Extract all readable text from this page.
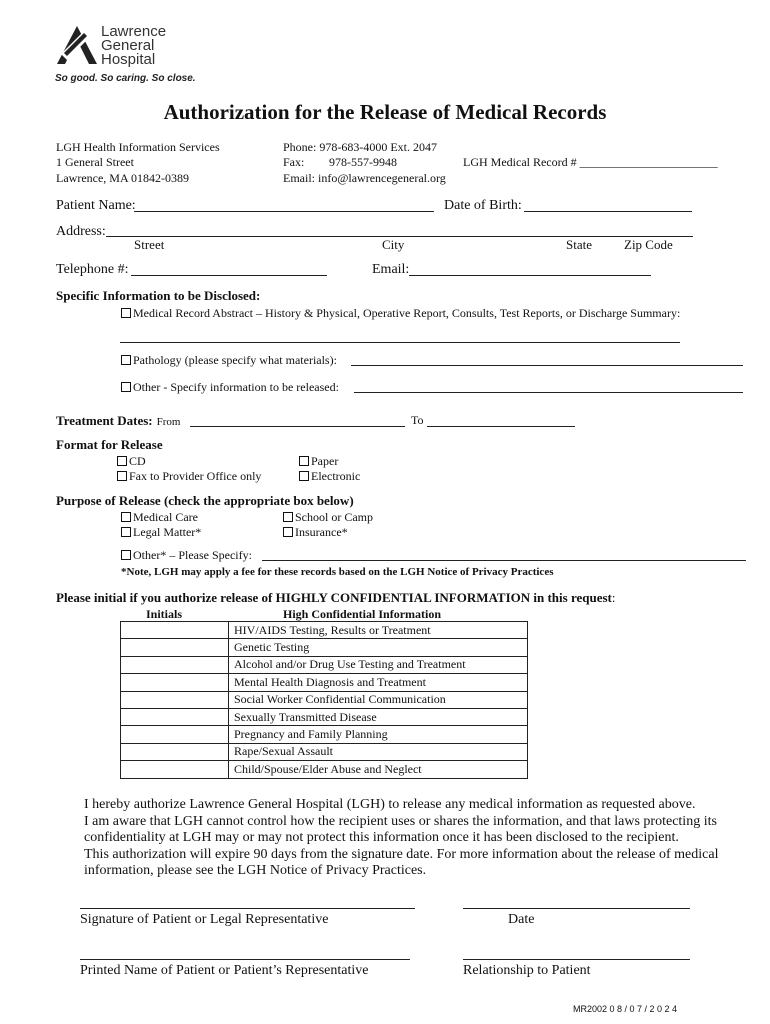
Lawrence
General
Hospital
So good. So caring. So close.
Authorization for the Release of Medical Records
LGH Health Information Services
1 General Street
Lawrence, MA 01842-0389
Phone: 978-683-4000 Ext. 2047
Fax: 978-557-9948
Email: info@lawrencegeneral.org
LGH Medical Record # _______________________
Patient Name:	Date of Birth:
Address:
Street	City	State Zip Code
Telephone #:	Email:
Specific Information to be Disclosed:
Medical Record Abstract – History & Physical, Operative Report, Consults, Test Reports, or Discharge Summary:
Pathology (please specify what materials):
Other - Specify information to be released:
Treatment Dates: From	To
Format for Release
CD
Fax to Provider Office only
Paper
Electronic
Purpose of Release (check the appropriate box below)
Medical Care
Legal Matter*
School or Camp
Insurance*
Other* – Please Specify:
*Note, LGH may apply a fee for these records based on the LGH Notice of Privacy Practices
Please initial if you authorize release of HIGHLY CONFIDENTIAL INFORMATION in this request:
Initials	High Confidential Information
	HIV/AIDS Testing, Results or Treatment
	Genetic Testing
	Alcohol and/or Drug Use Testing and Treatment
	Mental Health Diagnosis and Treatment
	Social Worker Confidential Communication
	Sexually Transmitted Disease
	Pregnancy and Family Planning
	Rape/Sexual Assault
	Child/Spouse/Elder Abuse and Neglect
I hereby authorize Lawrence General Hospital (LGH) to release any medical information as requested above.
I am aware that LGH cannot control how the recipient uses or shares the information, and that laws protecting its
confidentiality at LGH may or may not protect this information once it has been disclosed to the recipient.
This authorization will expire 90 days from the signature date. For more information about the release of medical
information, please see the LGH Notice of Privacy Practices.
Signature of Patient or Legal Representative	Date
Printed Name of Patient or Patient’s Representative	Relationship to Patient
MR2002 0 8 / 0 7 / 2 0 2 4
